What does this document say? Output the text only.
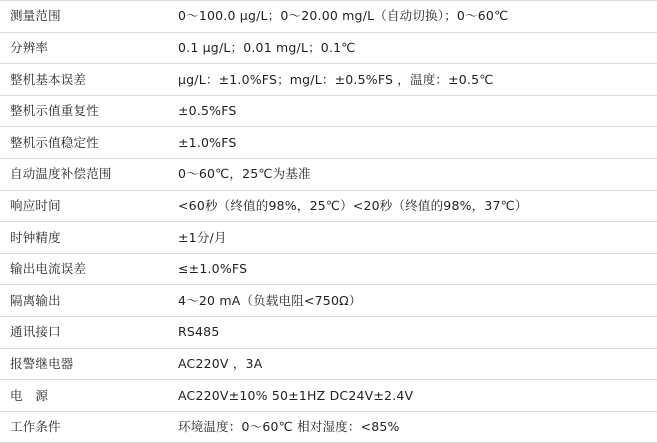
测量范围	0～100.0 µg/L；0～20.00 mg/L（自动切换）；0～60℃
分辨率	0.1 µg/L；0.01 mg/L；0.1℃
整机基本误差	µg/L：±1.0%FS；mg/L：±0.5%FS ，温度：±0.5℃
整机示值重复性	±0.5%FS
整机示值稳定性	±1.0%FS
自动温度补偿范围	0～60℃，25℃为基准
响应时间	<60秒（终值的98%，25℃）<20秒（终值的98%，37℃）
时钟精度	±1分/月
输出电流误差	≤±1.0%FS
隔离输出	4～20 mA（负载电阻<750Ω）
通讯接口	RS485
报警继电器	AC220V ，3A
电　源	AC220V±10% 50±1HZ DC24V±2.4V
工作条件	环境温度：0～60℃ 相对湿度：<85%
